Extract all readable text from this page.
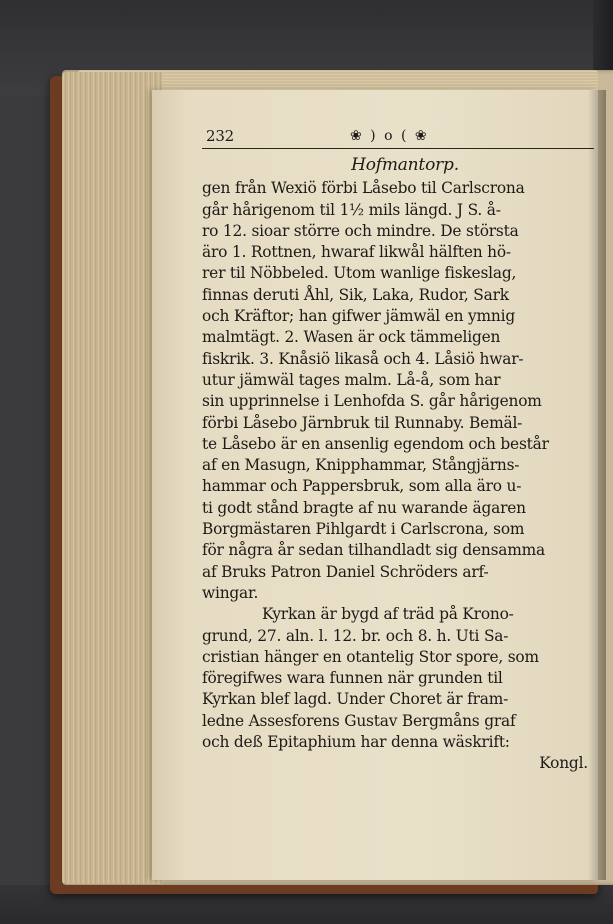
232	❀ ) o ( ❀
Hofmantorp.
gen från Wexiö förbi Låsebo til Carlscrona
går hårigenom til 1½ mils längd. J S. å-
ro 12. sioar större och mindre. De största
äro 1. Rottnen, hwaraf likwål hälften hö-
rer til Nöbbeled. Utom wanlige fiskeslag,
finnas deruti Åhl, Sik, Laka, Rudor, Sark
och Kräftor; han gifwer jämwäl en ymnig
malmtägt. 2. Wasen är ock tämmeligen
fiskrik. 3. Knåsiö likaså och 4. Låsiö hwar-
utur jämwäl tages malm. Lå-å, som har
sin upprinnelse i Lenhofda S. går hårigenom
förbi Låsebo Järnbruk til Runnaby. Bemäl-
te Låsebo är en ansenlig egendom och består
af en Masugn, Knipphammar, Stångjärns-
hammar och Pappersbruk, som alla äro u-
ti godt stånd bragte af nu warande ägaren
Borgmästaren Pihlgardt i Carlscrona, som
för några år sedan tilhandladt sig densamma
af Bruks Patron Daniel Schröders arf-
wingar.
Kyrkan är bygd af träd på Krono-
grund, 27. aln. l. 12. br. och 8. h. Uti Sa-
cristian hänger en otantelig Stor spore, som
föregifwes wara funnen när grunden til
Kyrkan blef lagd. Under Choret är fram-
ledne Assesforens Gustav Bergmåns graf
och deß Epitaphium har denna wäskrift:
Kongl.
